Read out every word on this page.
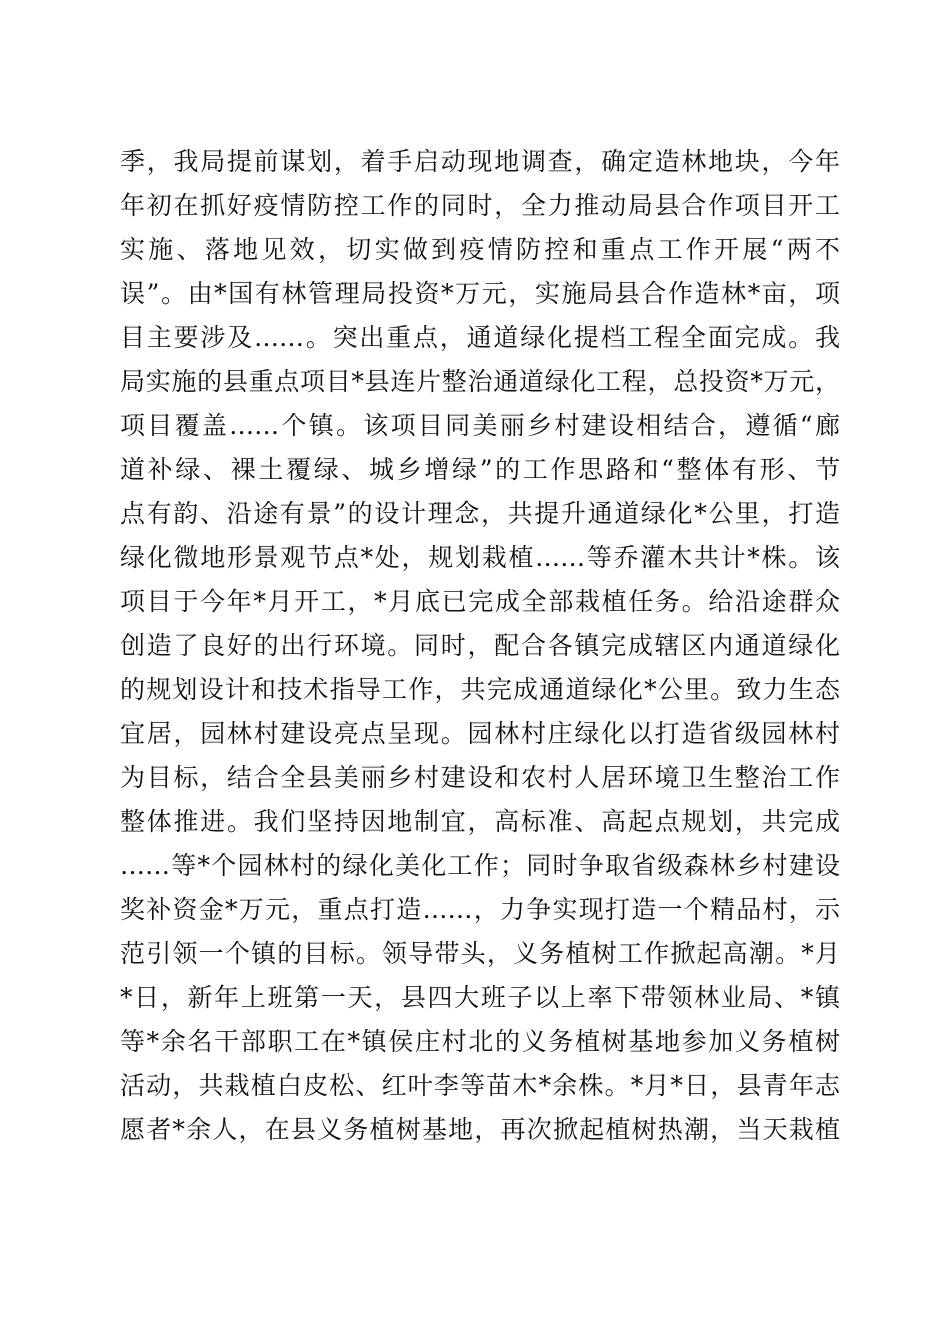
季，我局提前谋划，着手启动现地调查，确定造林地块，今年
年初在抓好疫情防控工作的同时，全力推动局县合作项目开工
实施、落地见效，切实做到疫情防控和重点工作开展“两不
误”。由*国有林管理局投资*万元，实施局县合作造林*亩，项
目主要涉及……。突出重点，通道绿化提档工程全面完成。我
局实施的县重点项目*县连片整治通道绿化工程，总投资*万元，
项目覆盖……个镇。该项目同美丽乡村建设相结合，遵循“廊
道补绿、裸土覆绿、城乡增绿”的工作思路和“整体有形、节
点有韵、沿途有景”的设计理念，共提升通道绿化*公里，打造
绿化微地形景观节点*处，规划栽植……等乔灌木共计*株。该
项目于今年*月开工，*月底已完成全部栽植任务。给沿途群众
创造了良好的出行环境。同时，配合各镇完成辖区内通道绿化
的规划设计和技术指导工作，共完成通道绿化*公里。致力生态
宜居，园林村建设亮点呈现。园林村庄绿化以打造省级园林村
为目标，结合全县美丽乡村建设和农村人居环境卫生整治工作
整体推进。我们坚持因地制宜，高标准、高起点规划，共完成
……等*个园林村的绿化美化工作；同时争取省级森林乡村建设
奖补资金*万元，重点打造……，力争实现打造一个精品村，示
范引领一个镇的目标。领导带头，义务植树工作掀起高潮。*月
*日，新年上班第一天，县四大班子以上率下带领林业局、*镇
等*余名干部职工在*镇侯庄村北的义务植树基地参加义务植树
活动，共栽植白皮松、红叶李等苗木*余株。*月*日，县青年志
愿者*余人，在县义务植树基地，再次掀起植树热潮，当天栽植
